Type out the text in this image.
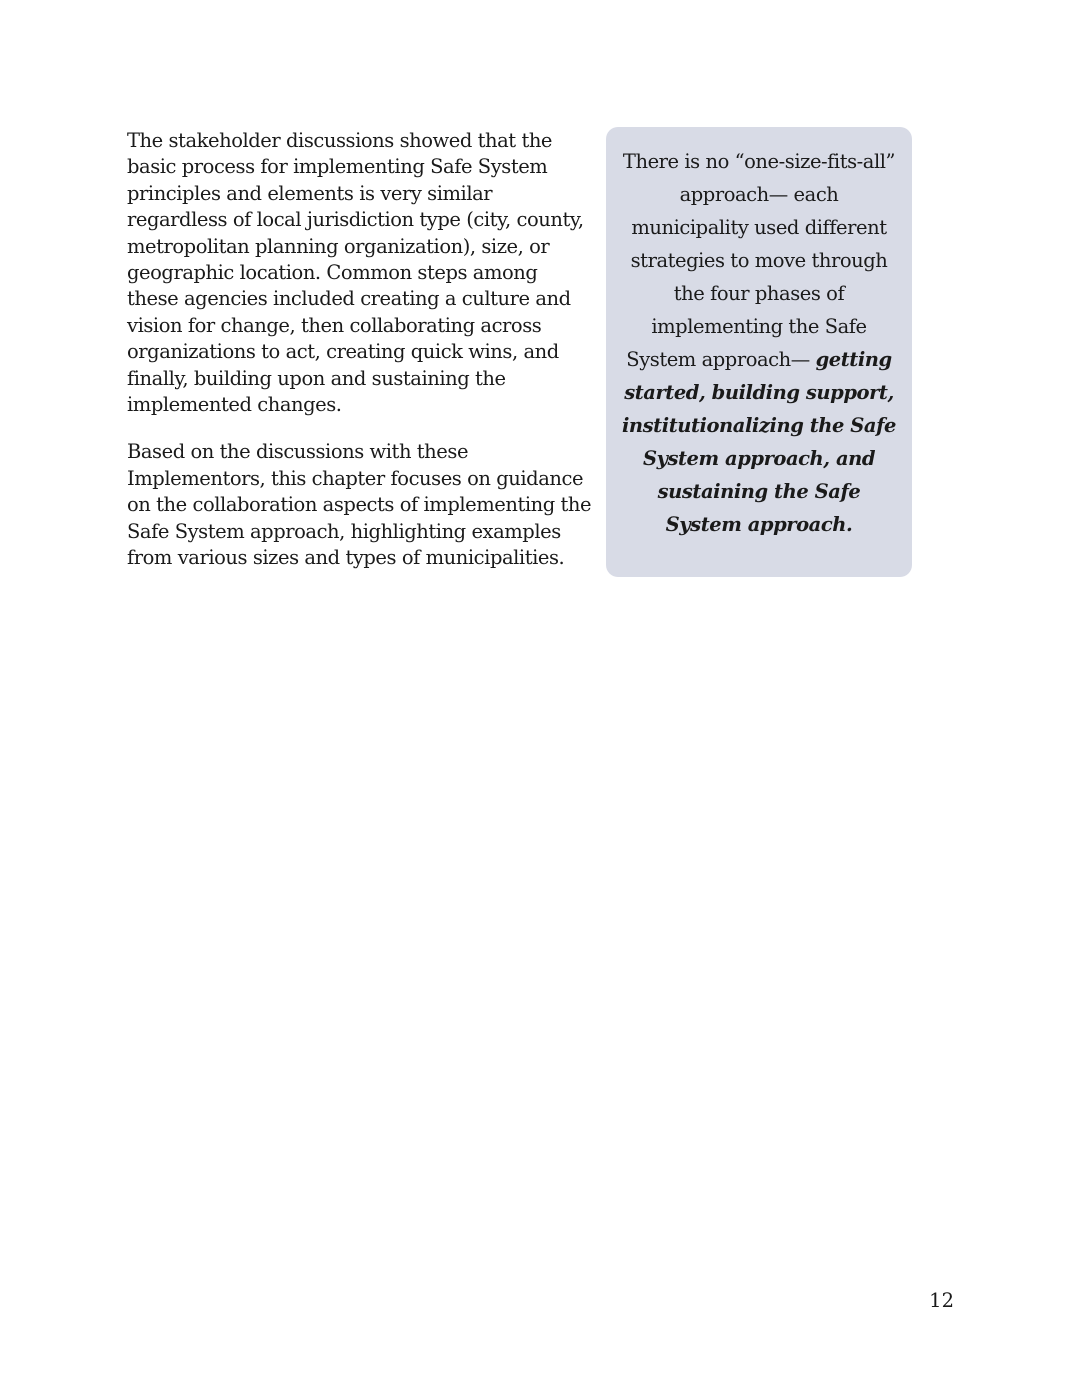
The stakeholder discussions showed that the basic process for implementing Safe System principles and elements is very similar regardless of local jurisdiction type (city, county, metropolitan planning organization), size, or geographic location. Common steps among these agencies included creating a culture and vision for change, then collaborating across organizations to act, creating quick wins, and finally, building upon and sustaining the implemented changes.

Based on the discussions with these Implementors, this chapter focuses on guidance on the collaboration aspects of implementing the Safe System approach, highlighting examples from various sizes and types of municipalities.

There is no “one-size-fits-all” approach— each municipality used different strategies to move through the four phases of implementing the Safe System approach— getting started, building support, institutionalizing the Safe System approach, and sustaining the Safe System approach.
12
